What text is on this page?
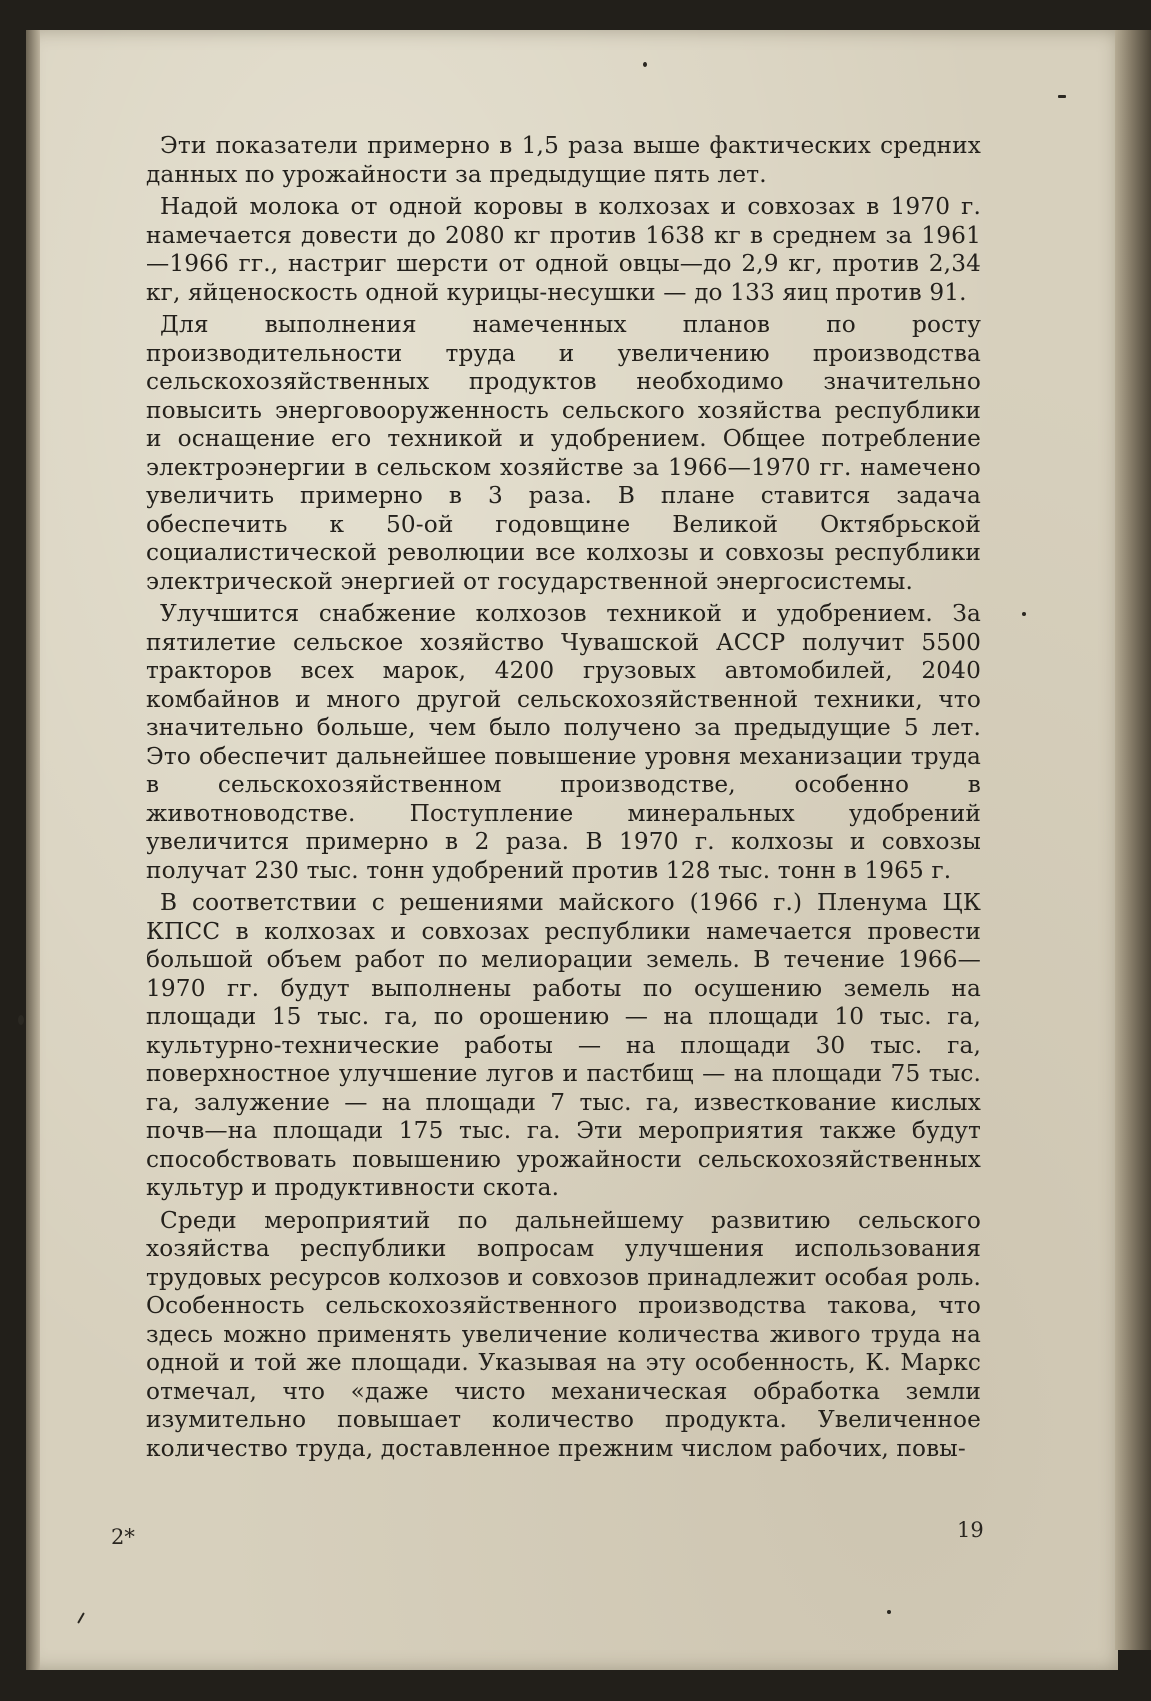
Эти показатели примерно в 1,5 раза выше фактических средних данных по урожайности за предыдущие пять лет.

Надой молока от одной коровы в колхозах и совхозах в 1970 г. намечается довести до 2080 кг против 1638 кг в среднем за 1961—1966 гг., настриг шерсти от одной овцы—до 2,9 кг, против 2,34 кг, яйценоскость одной курицы-несушки — до 133 яиц против 91.

Для выполнения намеченных планов по росту производительности труда и увеличению производства сельскохозяйственных продуктов необходимо значительно повысить энерговооруженность сельского хозяйства республики и оснащение его техникой и удобрением. Общее потребление электроэнергии в сельском хозяйстве за 1966—1970 гг. намечено увеличить примерно в 3 раза. В плане ставится задача обеспечить к 50-ой годовщине Великой Октябрьской социалистической революции все колхозы и совхозы республики электрической энергией от государственной энергосистемы.

Улучшится снабжение колхозов техникой и удобрением. За пятилетие сельское хозяйство Чувашской АССР получит 5500 тракторов всех марок, 4200 грузовых автомобилей, 2040 комбайнов и много другой сельскохозяйственной техники, что значительно больше, чем было получено за предыдущие 5 лет. Это обеспечит дальнейшее повышение уровня механизации труда в сельскохозяйственном производстве, особенно в животноводстве. Поступление минеральных удобрений увеличится примерно в 2 раза. В 1970 г. колхозы и совхозы получат 230 тыс. тонн удобрений против 128 тыс. тонн в 1965 г.

В соответствии с решениями майского (1966 г.) Пленума ЦК КПСС в колхозах и совхозах республики намечается провести большой объем работ по мелиорации земель. В течение 1966—1970 гг. будут выполнены работы по осушению земель на площади 15 тыс. га, по орошению — на площади 10 тыс. га, культурно-технические работы — на площади 30 тыс. га, поверхностное улучшение лугов и пастбищ — на площади 75 тыс. га, залужение — на площади 7 тыс. га, известкование кислых почв—на площади 175 тыс. га. Эти мероприятия также будут способствовать повышению урожайности сельскохозяйственных культур и продуктивности скота.

Среди мероприятий по дальнейшему развитию сельского хозяйства республики вопросам улучшения использования трудовых ресурсов колхозов и совхозов принадлежит особая роль. Особенность сельскохозяйственного производства такова, что здесь можно применять увеличение количества живого труда на одной и той же площади. Указывая на эту особенность, К. Маркс отмечал, что «даже чисто механическая обработка земли изумительно повышает количество продукта. Увеличенное количество труда, доставленное прежним числом рабочих, повы-

2*	19
